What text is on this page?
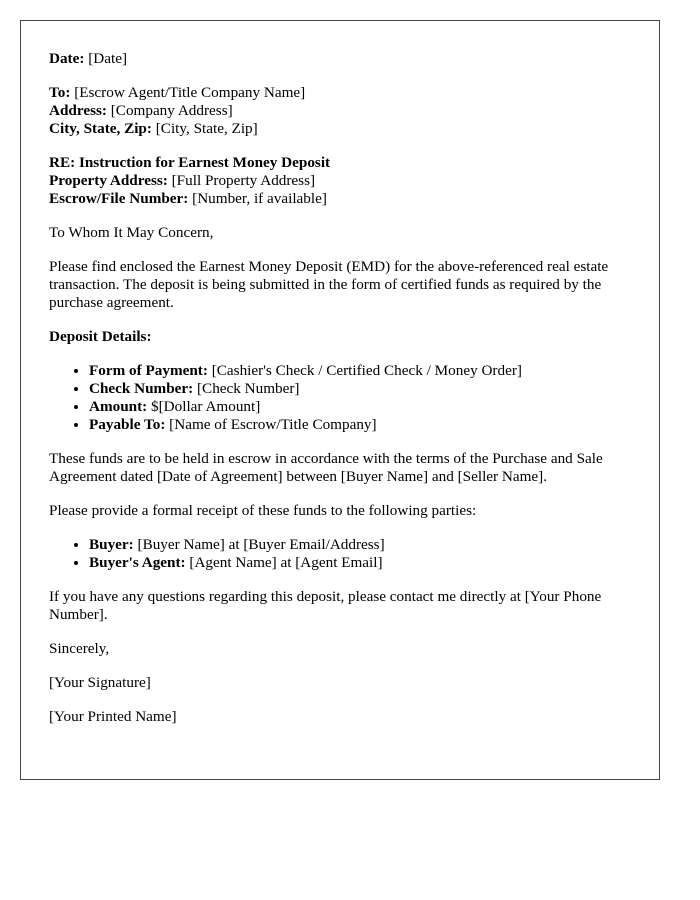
Date: [Date]
To: [Escrow Agent/Title Company Name]
Address: [Company Address]
City, State, Zip: [City, State, Zip]
RE: Instruction for Earnest Money Deposit
Property Address: [Full Property Address]
Escrow/File Number: [Number, if available]

To Whom It May Concern,

Please find enclosed the Earnest Money Deposit (EMD) for the above-referenced real estate transaction. The deposit is being submitted in the form of certified funds as required by the purchase agreement.

Deposit Details:

• Form of Payment: [Cashier's Check / Certified Check / Money Order]
• Check Number: [Check Number]
• Amount: $[Dollar Amount]
• Payable To: [Name of Escrow/Title Company]

These funds are to be held in escrow in accordance with the terms of the Purchase and Sale Agreement dated [Date of Agreement] between [Buyer Name] and [Seller Name].

Please provide a formal receipt of these funds to the following parties:

• Buyer: [Buyer Name] at [Buyer Email/Address]
• Buyer's Agent: [Agent Name] at [Agent Email]

If you have any questions regarding this deposit, please contact me directly at [Your Phone Number].

Sincerely,

[Your Signature]

[Your Printed Name]
